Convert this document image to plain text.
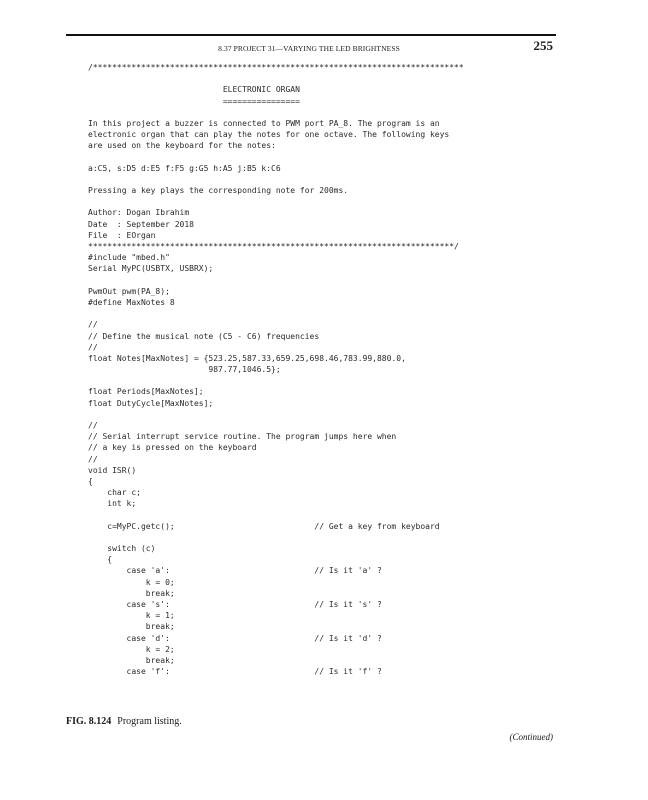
8.37 PROJECT 31—VARYING THE LED BRIGHTNESS	255
/*****************************************************************************
ELECTRONIC ORGAN
================
In this project a buzzer is connected to PWM port PA_8. The program is an
electronic organ that can play the notes for one octave. The following keys
are used on the keyboard for the notes:
a:C5, s:D5 d:E5 f:F5 g:G5 h:A5 j:B5 k:C6
Pressing a key plays the corresponding note for 200ms.
Author: Dogan Ibrahim
Date  : September 2018
File  : EOrgan
****************************************************************************/
#include "mbed.h"
Serial MyPC(USBTX, USBRX);
PwmOut pwm(PA_8);
#define MaxNotes 8
//
// Define the musical note (C5 - C6) frequencies
//
float Notes[MaxNotes] = {523.25,587.33,659.25,698.46,783.99,880.0,
987.77,1046.5};
float Periods[MaxNotes];
float DutyCycle[MaxNotes];
//
// Serial interrupt service routine. The program jumps here when
// a key is pressed on the keyboard
//
void ISR()
{
char c;
int k;
c=MyPC.getc();                             // Get a key from keyboard
switch (c)
{
case 'a':                              // Is it 'a' ?
k = 0;
break;
case 's':                              // Is it 's' ?
k = 1;
break;
case 'd':                              // Is it 'd' ?
k = 2;
break;
case 'f':                              // Is it 'f' ?
FIG. 8.124 Program listing.
(Continued)
